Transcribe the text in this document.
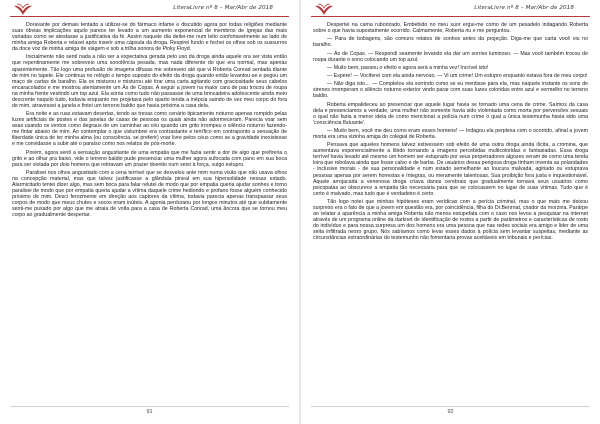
LiteraLivre nº 8 – Mar/Abr de 2018

Doravante por demais tentado a utilizar-se do fármaco infame e discutido agora por todas religiões mediante suas óbvias implicações aquilo parece ter levado a um aumento exponencial de membros de igrejas das mais variadas como se atestasse a justificativa da fé. Assim naquele dia deitei-me num leito confortavelmente ao lado de minha amiga Roberta e relaxei após inserir uma cápsula da droga. Respirei fundo e fechei os olhos sob os sussurros da doce voz de minha amiga de viagem e sob a trilha sonora de Pinky Floyd.

Inicialmente não sentí nada a não ser a expectativa gerada pelo uso da droga ainda aquele ora ser vista então que repentinamente me sobreveio uma sonolência pesada, mas nada diferente do que era normal, mas apenas aparentemente. Tão logo uma profusão de imagens difusas me sobreveio até que vi Roberta Conrad sentada diante de mim no tapete. Ele continua no relógio o tempo suposto do efeito da droga quando então levantou-se e pegou um maço de cartas de baralho. Ela os misturou e misturou até tirar uma carta agitando com graciosidade seus cabelos encaracolados e me mostrou atentamente um Ás de Copas. A seguir a jovem na maior cara de pau trocou de roupa na minha frente vestindo um top azul. Ela sorria como tudo não passasse de uma brincadeira adolescente ainda meio descrente naquilo tudo, todavia enquanto me projetava pelo quarto tenda a inépcia saindo de vez meu corpo do fora de mim, atravessei a janela e fintei um terreno baldio que havia próxima a casa dela.

Era noite e as ruas estavam desertas, tendo as trevas como cenário tipicamente noturno apenas rompido pelas luzes artificiais de postes e das janelas de casas de pessoas os quais ainda não adormeceram. Parecia voar sem asas usando os ventos como degraus de um caminhar ao céu quando um grito irrompeu o silêncio noturno fazendo-me fintar abaixo de mim. Ao contemplar o que vislumbrei era contrastante e terrífico em contraponto a sensação de liberdade única de ter minha alma (ou consciência, se preferir) voar livre pelos céus como se a gravidade inexistesse e me convidasse a subir até o paraíso como nos relatos de pós-morte.

Porém, agora sentí a sensação angustiante de uma empatia que me fazia sentir a dor de algo que prefireria o grito e ao olhar pra baixo, vide o terreno baldio pude presenciar uma mulher agora sufocada com pano em sua boca para ser violada por dois homens que retiravam um prazer doentio num sexo à força, vulgo estupro.

Paralisei nos olhos angustiado com a cena terrível que se desvelou ante mim numa visão que não usava olhos na concepção material, mas que talvez justificasse a glândula pineal em sua hipersolidade nessas estado. Alarmicitado tentei dizer algo, mas sem boca para falar relutei de modo que por empatia queria ajudar sonhes e torno paralisei de modo que por empatia queria ajudar a vítima daquele crime hediondo e profano fosse alguém conhecido próximo de mim. Desci ferozmente em direção aos captores da vítima, todavia parecia apenas transpassar seus corpos de modo que meus chutes e socos eram inúteis. A agonia perduraou por longos minutos até que subitamente senti-me puxado por algo que me atraia de volta para a casa de Roberta Conrad, uma âncora que se tornou meu corpo ao gradualmente despertar.

91
LiteraLivre nº 8 – Mar/Abr de 2018

Despertei na cama ruborizado. Embebido no meu suor ergui-me como de um pesadelo indagando Roberta sobre o que havia supostamente ocorrido. Calmamente, Roberta riu e me perguntou.

— Para de bobagens, são comuns relatos de sonhos antes da projeção. Diga-me que carta você viu no baralho.

— Ás de Copas. — Respondi seamente levando ela dar um sorriso luminoso. — Mas você também trocou de roupa durante o sono colocando um top azul.

— Muito bem, passou o efeito e agora será a minha vez! Incrível isto!

— Espere! — Vociferei com ela ainda nervoso. — Vi um crime! Um estupro enquanto estava fora de meu corpo!

— Não diga isto… — Completou ela sorrindo como se eu mentisse para ela, mas naquele instante os sons de sirenes irromperam o silêncio noturno exterior vindo parar com suas luzes coloridas entre azul e vermelho no terreno baldio.

Roberta empalideceu ao presenciar que aquele lugar havia se tornado uma cena de crime. Saímos da casa dela e presenciamos a verdade, uma mulher não somente havia sido violentada como morta por perversões sexuais o qual não fazia a menor ideia de como mencionar a polícia num crime o qual a única testemunha havia sido uma 'consciência flutuante'.

— Muito bem, você me deu como eram esses homens! — Indagou ela perplexa com o ocorrido, afinal a jovem morta era uma vizinha amiga do colegial de Roberta.

Pensava que aqueles homens talvez estivessem sob efeito de uma outra droga ainda ilícita, a cromina, que aumentava exponencialmente a libido tornando a imagens percebidas multicoloridas e fantasiadas. Essa droga terrível havia levado até mesmo um homem ser estuprado por seus perpetradores algozes veram de como uma tenda loira que rebolava ainda que fosse calvo e de barba. Os usuários dessa perigosa droga tinham inventa as polaridades - inclusive morais - de sua personalidade e num estado semelhante ao loucura malvada, agiriado ou estuprava pessoas apenas por serem honestas e íntegras, ou meramente talentosas. Sua proibição fora justa e inquestionável. Aquele arrojacada a venenosa droga criava danos cerebrais que gradualmente tornava seus usuários como psicopatas ao obscurece a empatia tão necessária para que se colocassem no lugar de suas vítimas. Tudo que é certo é malvado, mas tudo que é verdadeiro é certo.

Tão logo notei que minhas hipóteses eram verídicas com a perícia criminal, mas o que mais me deixou surpreso era o fato de que a jovem em questão era, por coincidência, filha do Dr.Benrnat, criador da morzina. Parárpe ao relatar a aparência a minha amiga Roberta não menos estupefata com o caso nos levou a pesquisar na internet através de um programa online da darknet de identificação de rostos a partir de parâmetros e características de rosto do indivíduo e para nossa surpresa um dos homens era uma pessoa que nas redes sociais era amigo e lider de uma seita infiltrada nesro grupo. Nós sabíamos como levar esses dados à polícia sem levantar suspeitas, mediante as circunstâncias extraordinárias do testemunho não fomentaria provas aceitáveis em tribunais e perícias.

92
